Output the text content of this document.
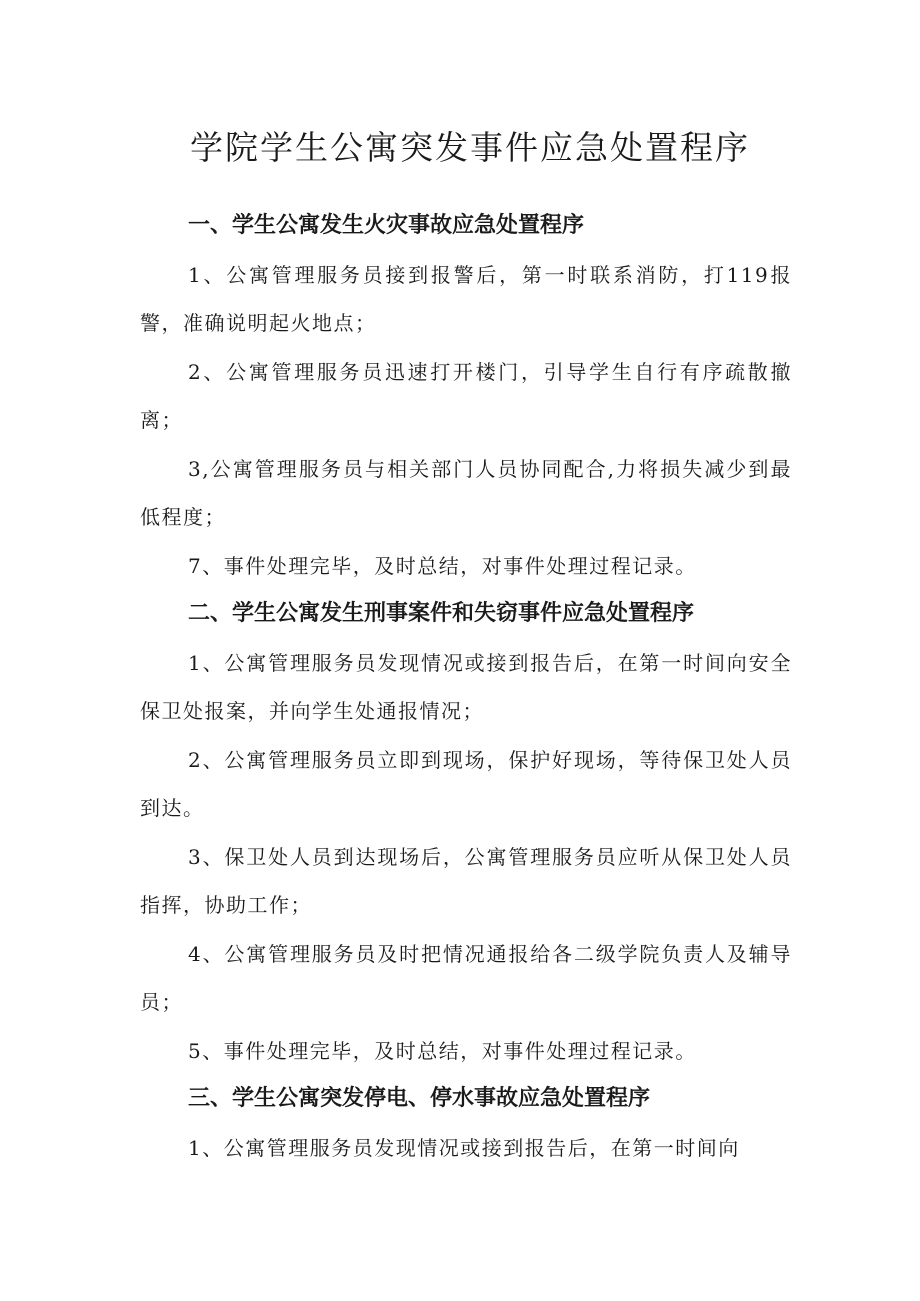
学院学生公寓突发事件应急处置程序
一、学生公寓发生火灾事故应急处置程序

1、公寓管理服务员接到报警后，第一时联系消防，打119报警，准确说明起火地点；

2、公寓管理服务员迅速打开楼门，引导学生自行有序疏散撤离；

3,公寓管理服务员与相关部门人员协同配合,力将损失减少到最低程度；

7、事件处理完毕，及时总结，对事件处理过程记录。

二、学生公寓发生刑事案件和失窃事件应急处置程序

1、公寓管理服务员发现情况或接到报告后，在第一时间向安全保卫处报案，并向学生处通报情况；

2、公寓管理服务员立即到现场，保护好现场，等待保卫处人员到达。

3、保卫处人员到达现场后，公寓管理服务员应听从保卫处人员指挥，协助工作；

4、公寓管理服务员及时把情况通报给各二级学院负责人及辅导员；

5、事件处理完毕，及时总结，对事件处理过程记录。

三、学生公寓突发停电、停水事故应急处置程序

1、公寓管理服务员发现情况或接到报告后，在第一时间向
